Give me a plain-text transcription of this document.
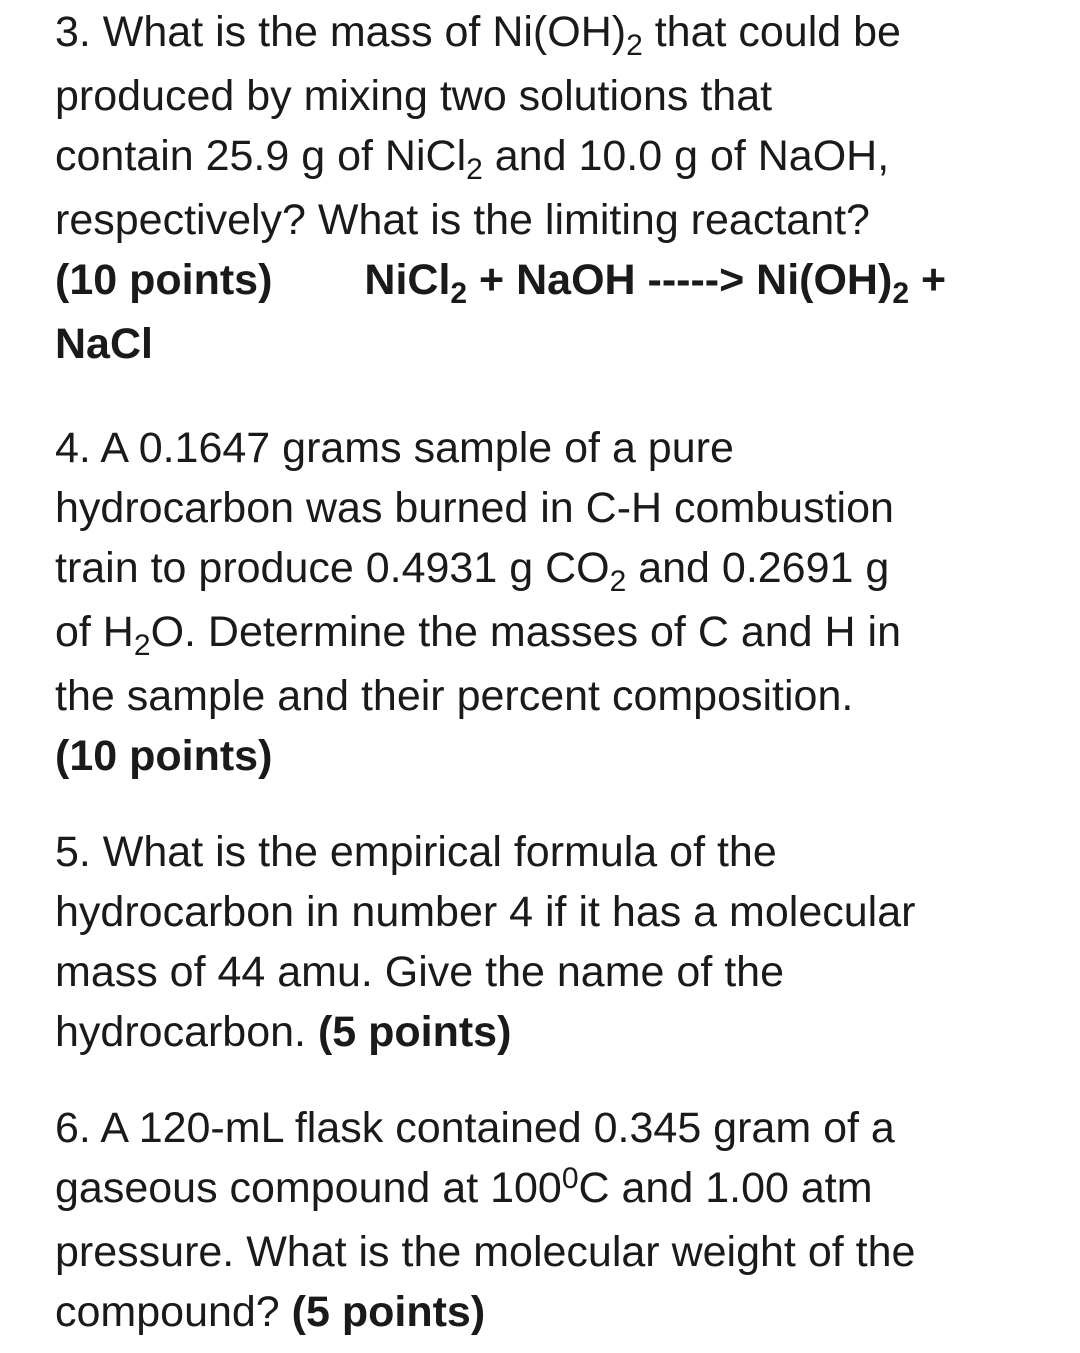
3. What is the mass of $Ni(OH)_2$ that could be
produced by mixing two solutions that
contain 25.9 g of NiCl$_2$ and 10.0 g of NaOH,
respectively? What is the limiting reactant?
(10 points) NiCl$_2$ + NaOH -----> $Ni(OH)_2$ +
NaCl
4. A 0.1647 grams sample of a pure
hydrocarbon was burned in C-H combustion
train to produce 0.4931 g $CO_2$ and 0.2691 g
of $H_2O$. Determine the masses of C and H in
the sample and their percent composition.
(10 points)
5. What is the empirical formula of the
hydrocarbon in number 4 if it has a molecular
mass of 44 amu. Give the name of the
hydrocarbon. (5 points)
6. A 120-mL flask contained 0.345 gram of a
gaseous compound at $100^0C$ and 1.00 atm
pressure. What is the molecular weight of the
compound? (5 points)
